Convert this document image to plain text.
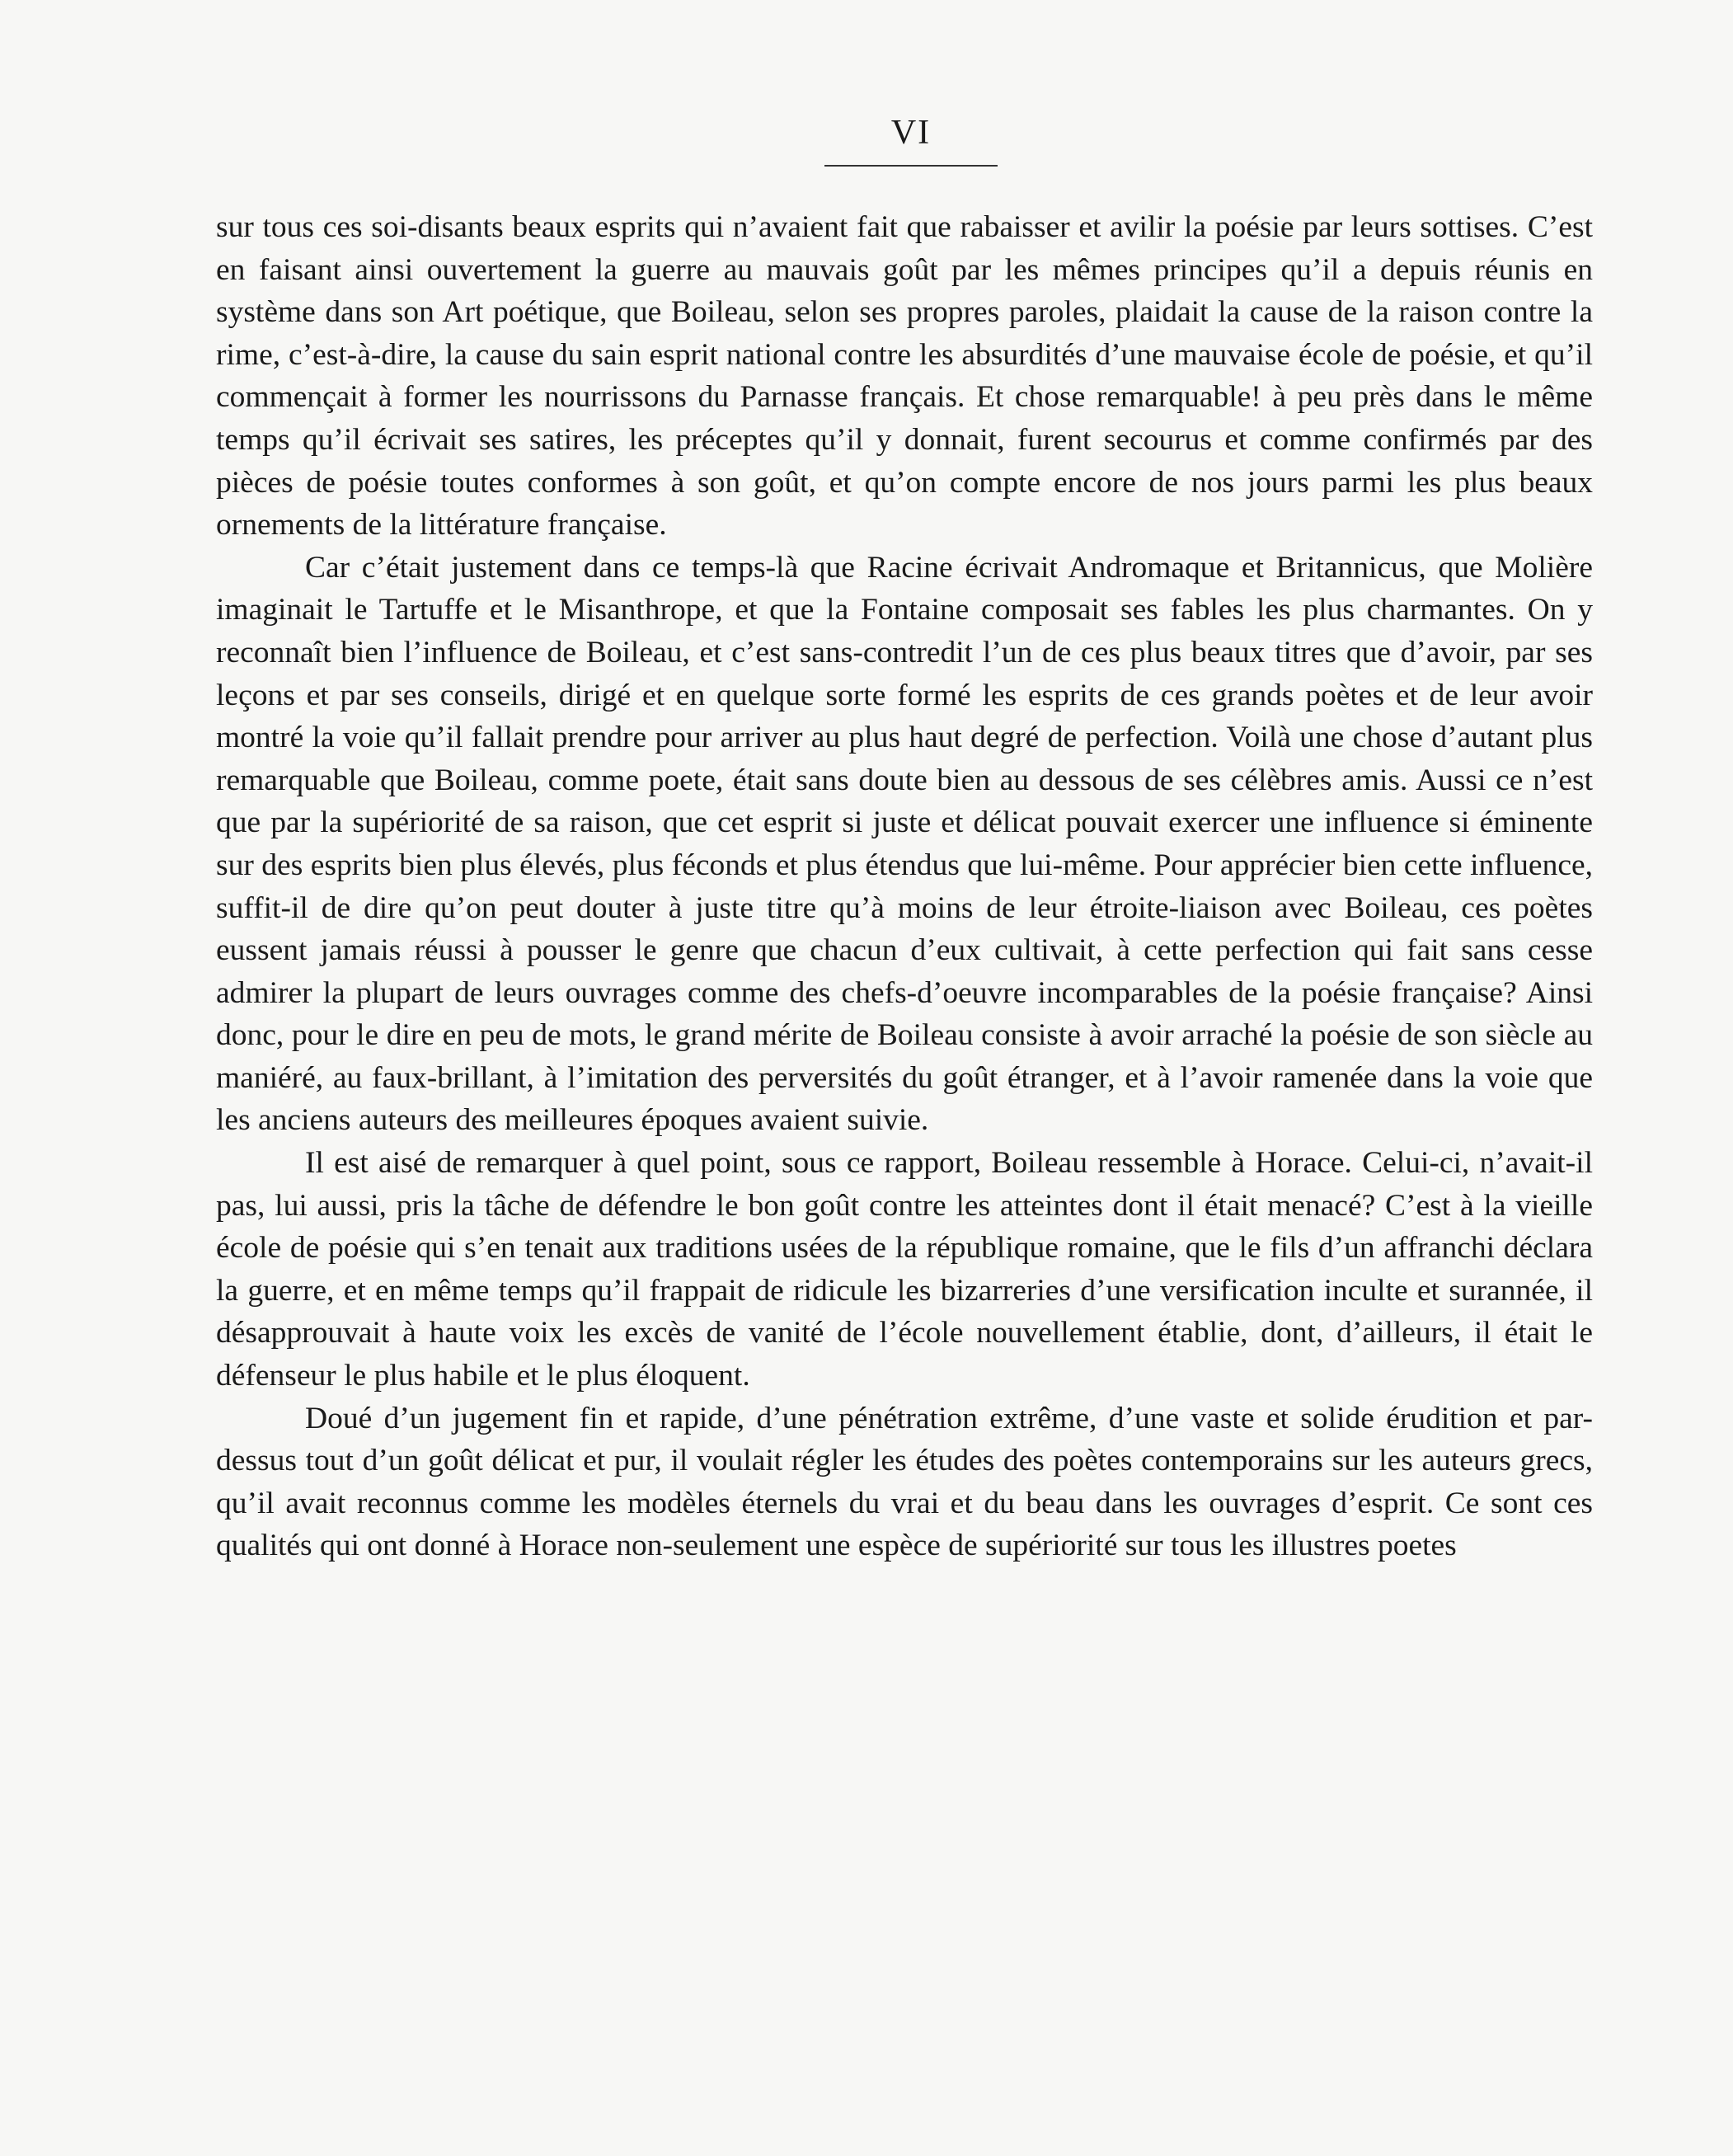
VI

sur tous ces soi-disants beaux esprits qui n’avaient fait que rabaisser et avilir la poésie par leurs sottises. C’est en faisant ainsi ouvertement la guerre au mauvais goût par les mêmes principes qu’il a depuis réunis en système dans son Art poétique, que Boileau, selon ses propres paroles, plaidait la cause de la raison contre la rime, c’est-à-dire, la cause du sain esprit national contre les absurdités d’une mauvaise école de poésie, et qu’il commençait à former les nourrissons du Parnasse français. Et chose remarquable! à peu près dans le même temps qu’il écrivait ses satires, les préceptes qu’il y donnait, furent secourus et comme confirmés par des pièces de poésie toutes conformes à son goût, et qu’on compte encore de nos jours parmi les plus beaux ornements de la littérature française.

Car c’était justement dans ce temps-là que Racine écrivait Andromaque et Britannicus, que Molière imaginait le Tartuffe et le Misanthrope, et que la Fontaine composait ses fables les plus charmantes. On y reconnaît bien l’influence de Boileau, et c’est sans-contredit l’un de ces plus beaux titres que d’avoir, par ses leçons et par ses conseils, dirigé et en quelque sorte formé les esprits de ces grands poètes et de leur avoir montré la voie qu’il fallait prendre pour arriver au plus haut degré de perfection. Voilà une chose d’autant plus remarquable que Boileau, comme poete, était sans doute bien au dessous de ses célèbres amis. Aussi ce n’est que par la supériorité de sa raison, que cet esprit si juste et délicat pouvait exercer une influence si éminente sur des esprits bien plus élevés, plus féconds et plus étendus que lui-même. Pour apprécier bien cette influence, suffit-il de dire qu’on peut douter à juste titre qu’à moins de leur étroite-liaison avec Boileau, ces poètes eussent jamais réussi à pousser le genre que chacun d’eux cultivait, à cette perfection qui fait sans cesse admirer la plupart de leurs ouvrages comme des chefs-d’oeuvre incomparables de la poésie française? Ainsi donc, pour le dire en peu de mots, le grand mérite de Boileau consiste à avoir arraché la poésie de son siècle au maniéré, au faux-brillant, à l’imitation des perversités du goût étranger, et à l’avoir ramenée dans la voie que les anciens auteurs des meilleures époques avaient suivie.

Il est aisé de remarquer à quel point, sous ce rapport, Boileau ressemble à Horace. Celui-ci, n’avait-il pas, lui aussi, pris la tâche de défendre le bon goût contre les atteintes dont il était menacé? C’est à la vieille école de poésie qui s’en tenait aux traditions usées de la république romaine, que le fils d’un affranchi déclara la guerre, et en même temps qu’il frappait de ridicule les bizarreries d’une versification inculte et surannée, il désapprouvait à haute voix les excès de vanité de l’école nouvellement établie, dont, d’ailleurs, il était le défenseur le plus habile et le plus éloquent.

Doué d’un jugement fin et rapide, d’une pénétration extrême, d’une vaste et solide érudition et par-dessus tout d’un goût délicat et pur, il voulait régler les études des poètes contemporains sur les auteurs grecs, qu’il avait reconnus comme les modèles éternels du vrai et du beau dans les ouvrages d’esprit. Ce sont ces qualités qui ont donné à Horace non-seulement une espèce de supériorité sur tous les illustres poetes
